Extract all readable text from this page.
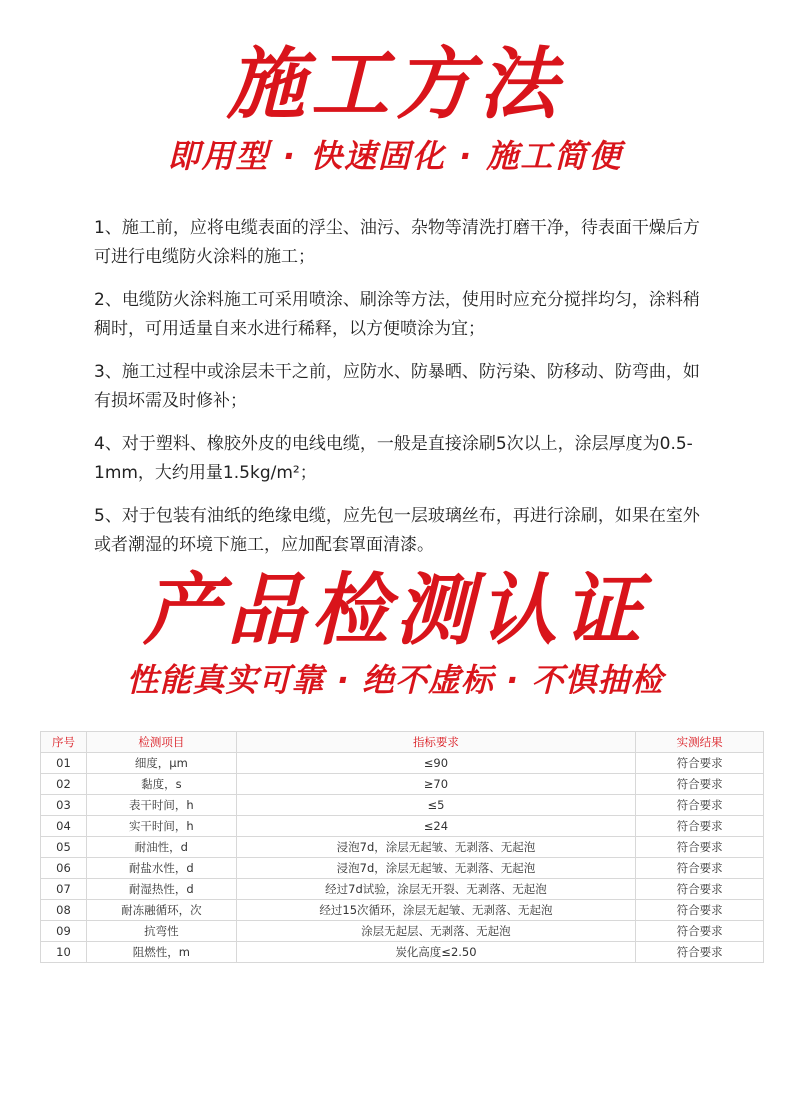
施工方法
即用型 · 快速固化 · 施工简便
1、施工前，应将电缆表面的浮尘、油污、杂物等清洗打磨干净，待表面干燥后方可进行电缆防火涂料的施工；
2、电缆防火涂料施工可采用喷涂、刷涂等方法，使用时应充分搅拌均匀，涂料稍稠时，可用适量自来水进行稀释，以方便喷涂为宜；
3、施工过程中或涂层未干之前，应防水、防暴晒、防污染、防移动、防弯曲，如有损坏需及时修补；
4、对于塑料、橡胶外皮的电线电缆，一般是直接涂刷5次以上，涂层厚度为0.5-1mm，大约用量1.5kg/m²；
5、对于包装有油纸的绝缘电缆，应先包一层玻璃丝布，再进行涂刷，如果在室外或者潮湿的环境下施工，应加配套罩面清漆。
产品检测认证
性能真实可靠 · 绝不虚标 · 不惧抽检
序号	检测项目	指标要求	实测结果
01	细度，μm	≤90	符合要求
02	黏度，s	≥70	符合要求
03	表干时间，h	≤5	符合要求
04	实干时间，h	≤24	符合要求
05	耐油性，d	浸泡7d，涂层无起皱、无剥落、无起泡	符合要求
06	耐盐水性，d	浸泡7d，涂层无起皱、无剥落、无起泡	符合要求
07	耐湿热性，d	经过7d试验，涂层无开裂、无剥落、无起泡	符合要求
08	耐冻融循环，次	经过15次循环，涂层无起皱、无剥落、无起泡	符合要求
09	抗弯性	涂层无起层、无剥落、无起泡	符合要求
10	阻燃性，m	炭化高度≤2.50	符合要求
